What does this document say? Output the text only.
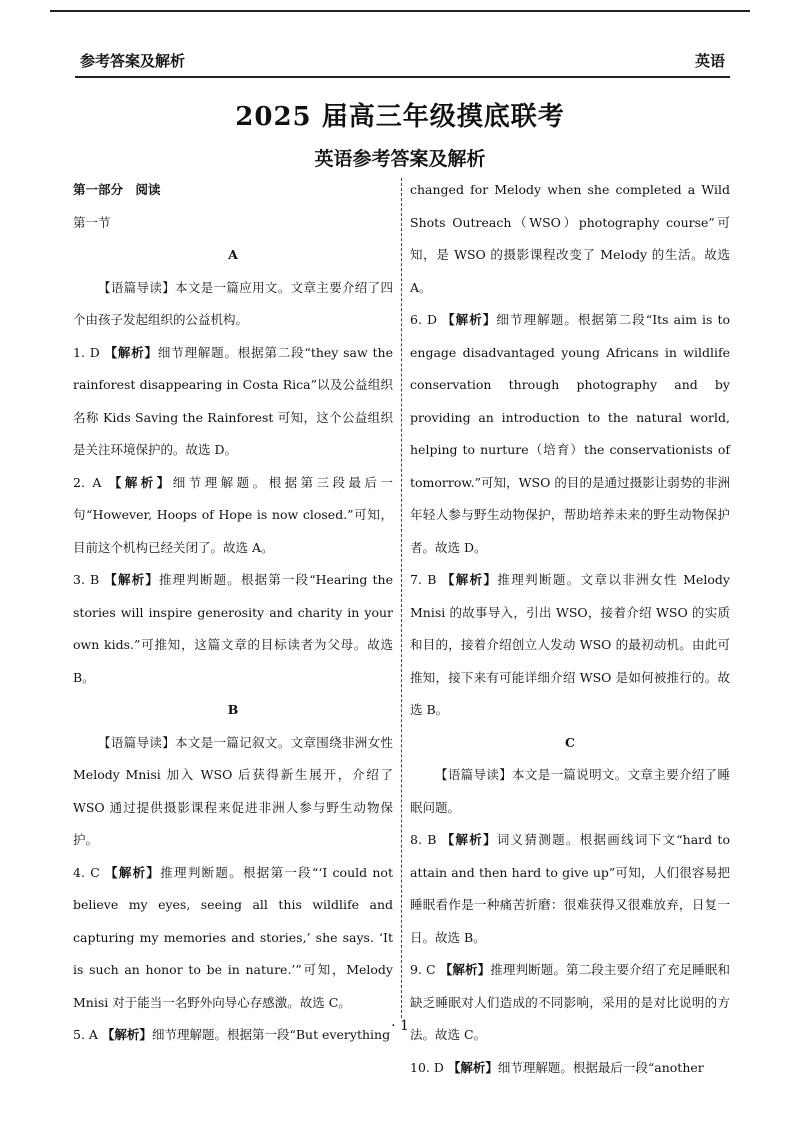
参考答案及解析	英语
2025 届高三年级摸底联考
英语参考答案及解析

第一部分　阅读

第一节

A

【语篇导读】本文是一篇应用文。文章主要介绍了四个由孩子发起组织的公益机构。

1. D 【解析】细节理解题。根据第二段“they saw the rainforest disappearing in Costa Rica”以及公益组织名称 Kids Saving the Rainforest 可知，这个公益组织是关注环境保护的。故选 D。

2. A 【解析】细节理解题。根据第三段最后一句“However, Hoops of Hope is now closed.”可知，目前这个机构已经关闭了。故选 A。

3. B 【解析】推理判断题。根据第一段“Hearing the stories will inspire generosity and charity in your own kids.”可推知，这篇文章的目标读者为父母。故选 B。

B

【语篇导读】本文是一篇记叙文。文章围绕非洲女性 Melody Mnisi 加入 WSO 后获得新生展开，介绍了 WSO 通过提供摄影课程来促进非洲人参与野生动物保护。

4. C 【解析】推理判断题。根据第一段“‘I could not believe my eyes, seeing all this wildlife and capturing my memories and stories,’ she says. ‘It is such an honor to be in nature.’”可知，Melody Mnisi 对于能当一名野外向导心存感激。故选 C。

5. A 【解析】细节理解题。根据第一段“But everything

changed for Melody when she completed a Wild Shots Outreach（WSO）photography course”可知，是 WSO 的摄影课程改变了 Melody 的生活。故选 A。

6. D 【解析】细节理解题。根据第二段“Its aim is to engage disadvantaged young Africans in wildlife conservation through photography and by providing an introduction to the natural world, helping to nurture（培育）the conservationists of tomorrow.”可知，WSO 的目的是通过摄影让弱势的非洲年轻人参与野生动物保护，帮助培养未来的野生动物保护者。故选 D。

7. B 【解析】推理判断题。文章以非洲女性 Melody Mnisi 的故事导入，引出 WSO，接着介绍 WSO 的实质和目的，接着介绍创立人发动 WSO 的最初动机。由此可推知，接下来有可能详细介绍 WSO 是如何被推行的。故选 B。

C

【语篇导读】本文是一篇说明文。文章主要介绍了睡眠问题。

8. B 【解析】词义猜测题。根据画线词下文“hard to attain and then hard to give up”可知，人们很容易把睡眠看作是一种痛苦折磨：很难获得又很难放弃，日复一日。故选 B。

9. C 【解析】推理判断题。第二段主要介绍了充足睡眠和缺乏睡眠对人们造成的不同影响，采用的是对比说明的方法。故选 C。

10. D 【解析】细节理解题。根据最后一段“another

· 1
